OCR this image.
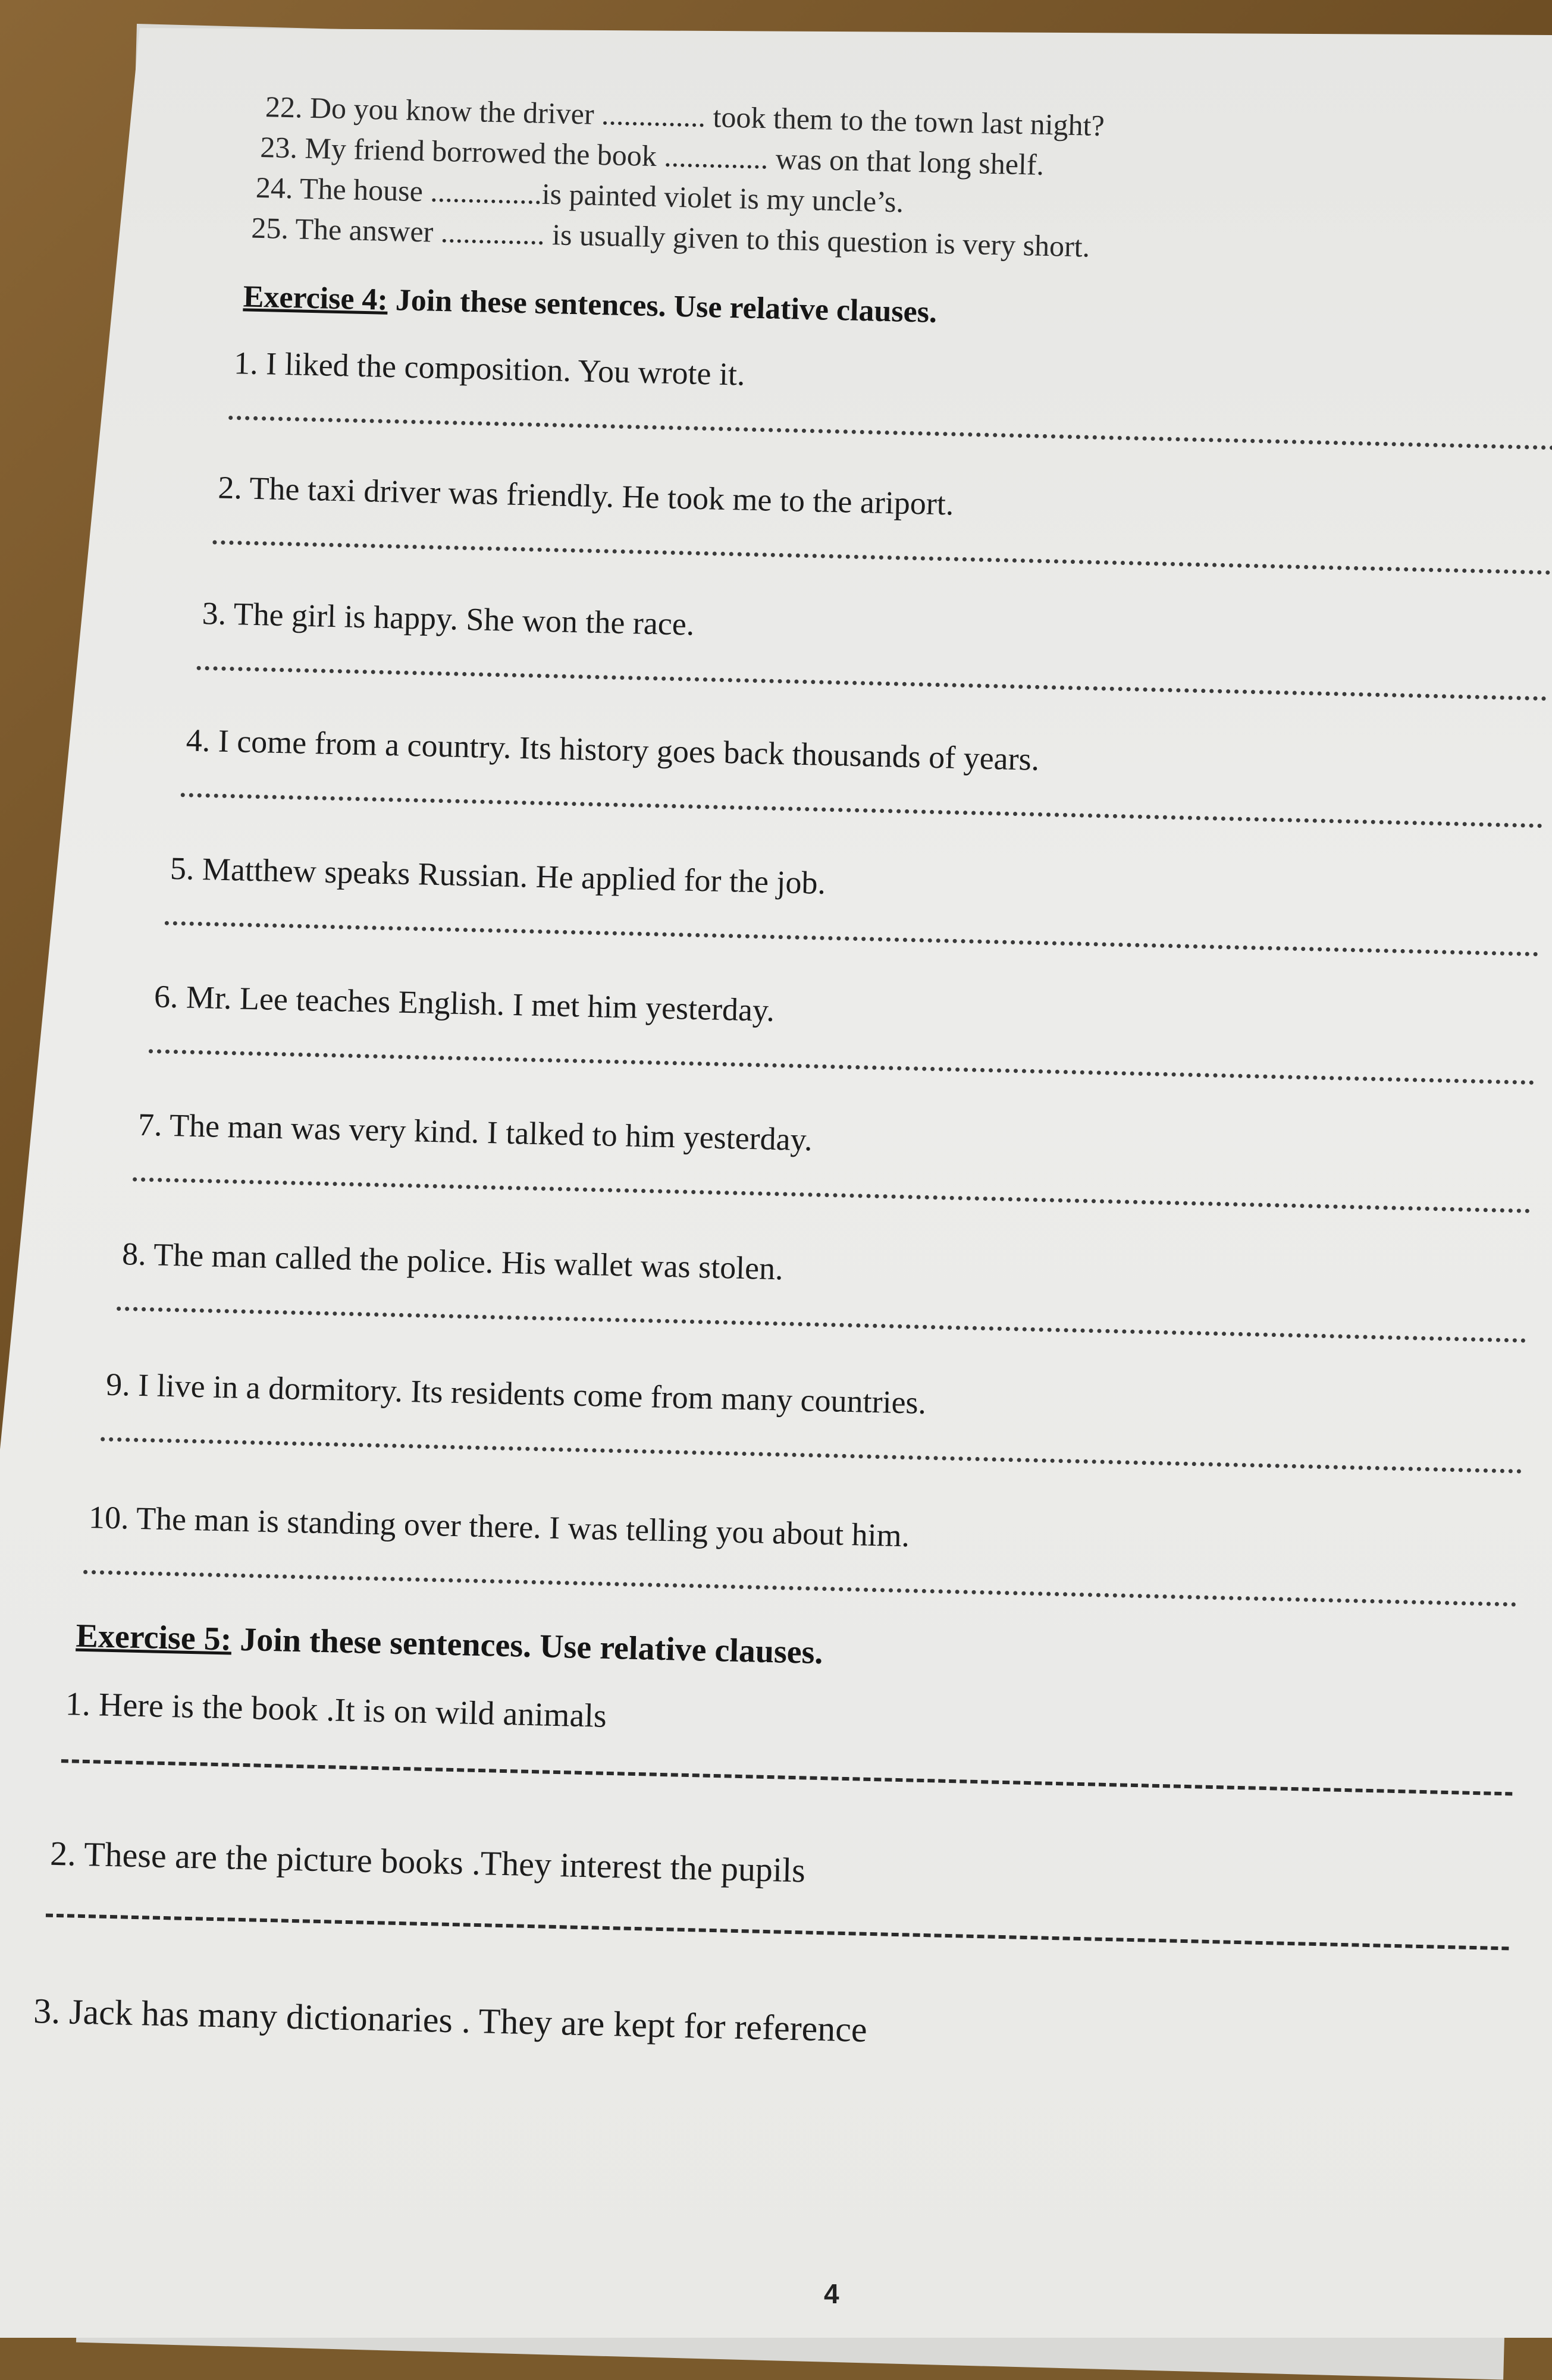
22. Do you know the driver .............. took them to the town last night?
23. My friend borrowed the book .............. was on that long shelf.
24. The house ...............is painted violet is my uncle’s.
25. The answer .............. is usually given to this question is very short.
Exercise 4: Join these sentences. Use relative clauses.
1. I liked the composition. You wrote it.
2. The taxi driver was friendly. He took me to the ariport.
3. The girl is happy. She won the race.
4. I come from a country. Its history goes back thousands of years.
5. Matthew speaks Russian. He applied for the job.
6. Mr. Lee teaches English. I met him yesterday.
7. The man was very kind. I talked to him yesterday.
8. The man called the police. His wallet was stolen.
9. I live in a dormitory. Its residents come from many countries.
10. The man is standing over there. I was telling you about him.
Exercise 5: Join these sentences. Use relative clauses.
1. Here is the book .It is on wild animals
2. These are the picture books .They interest the pupils
3. Jack has many dictionaries . They are kept for reference
4
